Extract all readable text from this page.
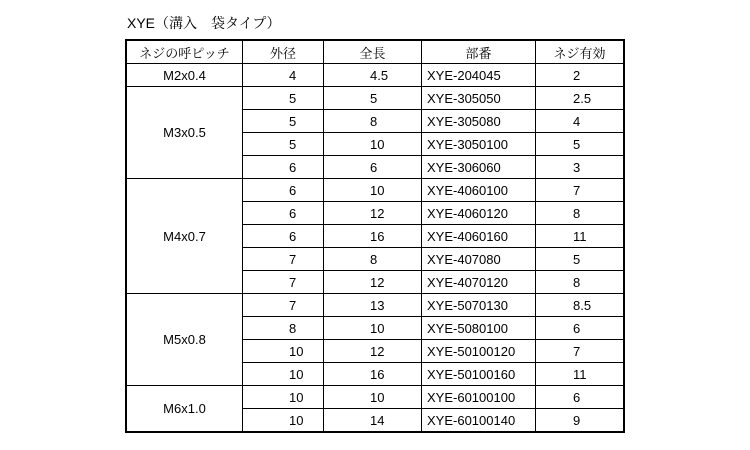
XYE（溝入　袋タイプ）
ネジの呼ピッチ	外径	全長	部番	ネジ有効
M2x0.4	4	4.5	XYE-204045	2
M3x0.5	5	5	XYE-305050	2.5
	5	8	XYE-305080	4
	5	10	XYE-3050100	5
	6	6	XYE-306060	3
M4x0.7	6	10	XYE-4060100	7
	6	12	XYE-4060120	8
	6	16	XYE-4060160	11
	7	8	XYE-407080	5
	7	12	XYE-4070120	8
M5x0.8	7	13	XYE-5070130	8.5
	8	10	XYE-5080100	6
	10	12	XYE-50100120	7
	10	16	XYE-50100160	11
M6x1.0	10	10	XYE-60100100	6
	10	14	XYE-60100140	9
